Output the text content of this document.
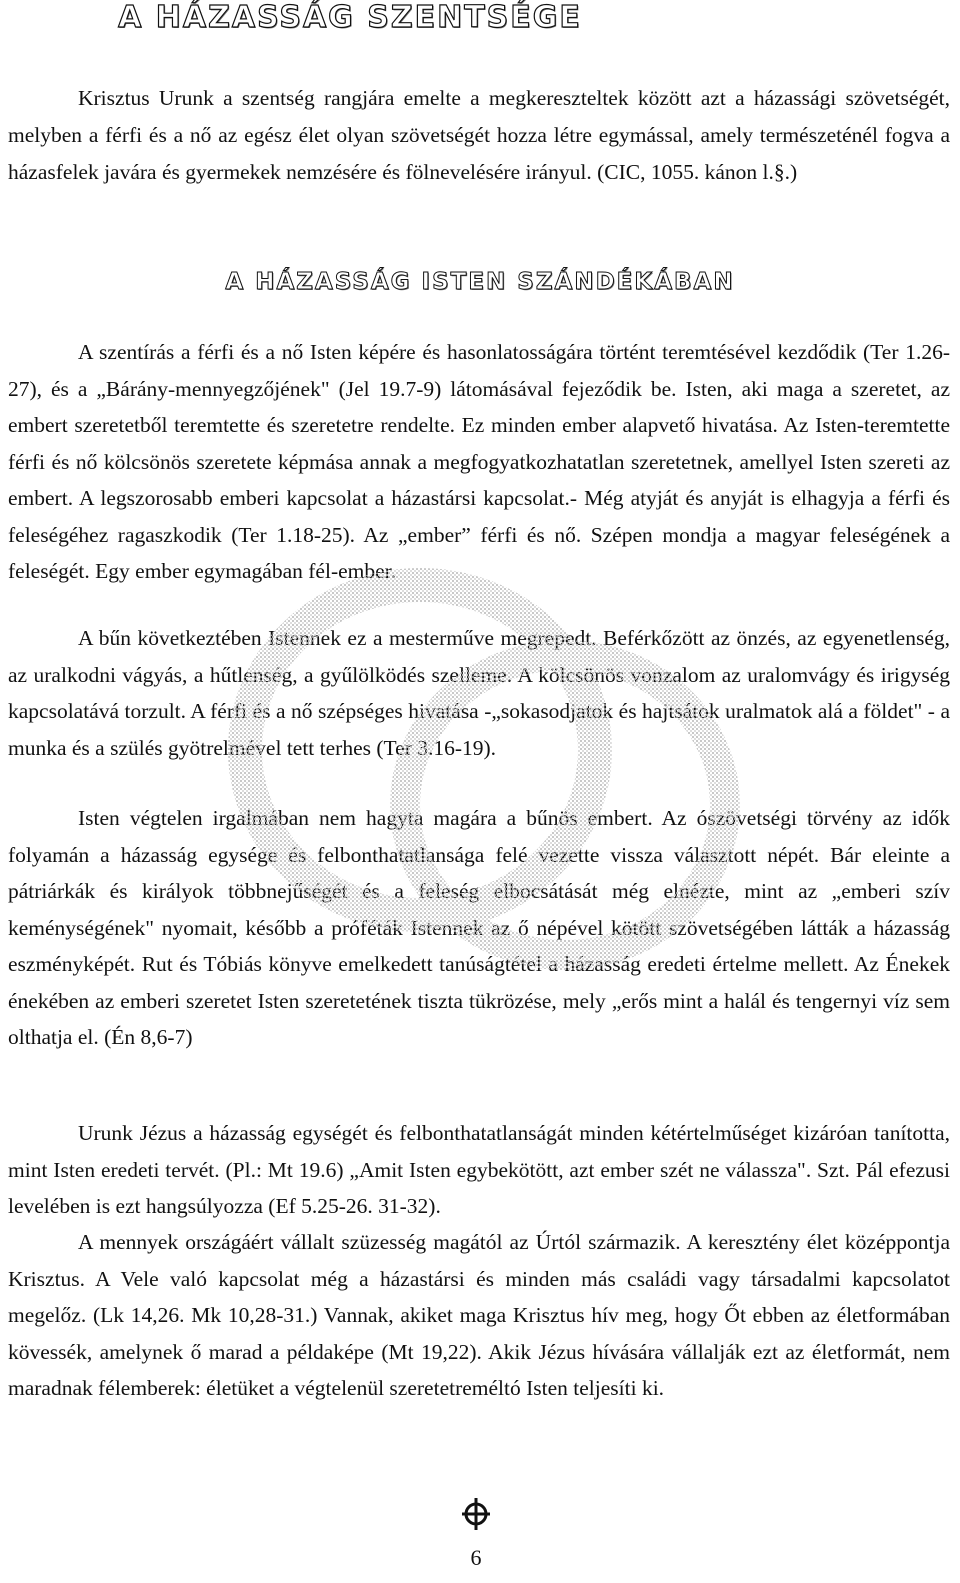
A HÁZASSÁG SZENTSÉGE

Krisztus Urunk a szentség rangjára emelte a megkereszteltek között azt a házassági szövetségét, melyben a férfi és a nő az egész élet olyan szövetségét hozza létre egymással, amely természeténél fogva a házasfelek javára és gyermekek nemzésére és fölnevelésére irányul. (CIC, 1055. kánon l.§.)

A HÁZASSÁG ISTEN SZÁNDÉKÁBAN

A szentírás a férfi és a nő Isten képére és hasonlatosságára történt teremtésével kezdődik (Ter 1.26-27), és a „Bárány-mennyegzőjének" (Jel 19.7-9) látomásával fejeződik be. Isten, aki maga a szeretet, az embert szeretetből teremtette és szeretetre rendelte. Ez minden ember alapvető hivatása. Az Isten-teremtette férfi és nő kölcsönös szeretete képmása annak a megfogyatkozhatatlan szeretetnek, amellyel Isten szereti az embert. A legszorosabb emberi kapcsolat a házastársi kapcsolat.- Még atyját és anyját is elhagyja a férfi és feleségéhez ragaszkodik (Ter 1.18-25). Az „ember” férfi és nő. Szépen mondja a magyar feleségének a feleségét. Egy ember egymagában fél-ember.

A bűn következtében Istennek ez a mesterműve megrepedt. Beférkőzött az önzés, az egyenetlenség, az uralkodni vágyás, a hűtlenség, a gyűlölködés szelleme. A kölcsönös vonzalom az uralomvágy és irigység kapcsolatává torzult. A férfi és a nő szépséges hivatása -„sokasodjatok és hajtsátok uralmatok alá a földet" - a munka és a szülés gyötrelmével tett terhes (Ter 3.16-19).

Isten végtelen irgalmában nem hagyta magára a bűnös embert. Az ószövetségi törvény az idők folyamán a házasság egysége és felbonthatatlansága felé vezette vissza választott népét. Bár eleinte a pátriárkák és királyok többnejűségét és a feleség elbocsátását még elnézte, mint az „emberi szív keménységének" nyomait, később a próféták Istennek az ő népével kötött szövetségében látták a házasság eszményképét. Rut és Tóbiás könyve emelkedett tanúságtétel a házasság eredeti értelme mellett. Az Énekek énekében az emberi szeretet Isten szeretetének tiszta tükrözése, mely „erős mint a halál és tengernyi víz sem olthatja el. (Én 8,6-7)

Urunk Jézus a házasság egységét és felbonthatatlanságát minden kétértelműséget kizáróan tanította, mint Isten eredeti tervét. (Pl.: Mt 19.6) „Amit Isten egybekötött, azt ember szét ne válassza". Szt. Pál efezusi levelében is ezt hangsúlyozza (Ef 5.25-26. 31-32).

A mennyek országáért vállalt szüzesség magától az Úrtól származik. A keresztény élet középpontja Krisztus. A Vele való kapcsolat még a házastársi és minden más családi vagy társadalmi kapcsolatot megelőz. (Lk 14,26. Mk 10,28-31.) Vannak, akiket maga Krisztus hív meg, hogy Őt ebben az életformában kövessék, amelynek ő marad a példaképe (Mt 19,22). Akik Jézus hívására vállalják ezt az életformát, nem maradnak félemberek: életüket a végtelenül szeretetreméltó Isten teljesíti ki.

6
